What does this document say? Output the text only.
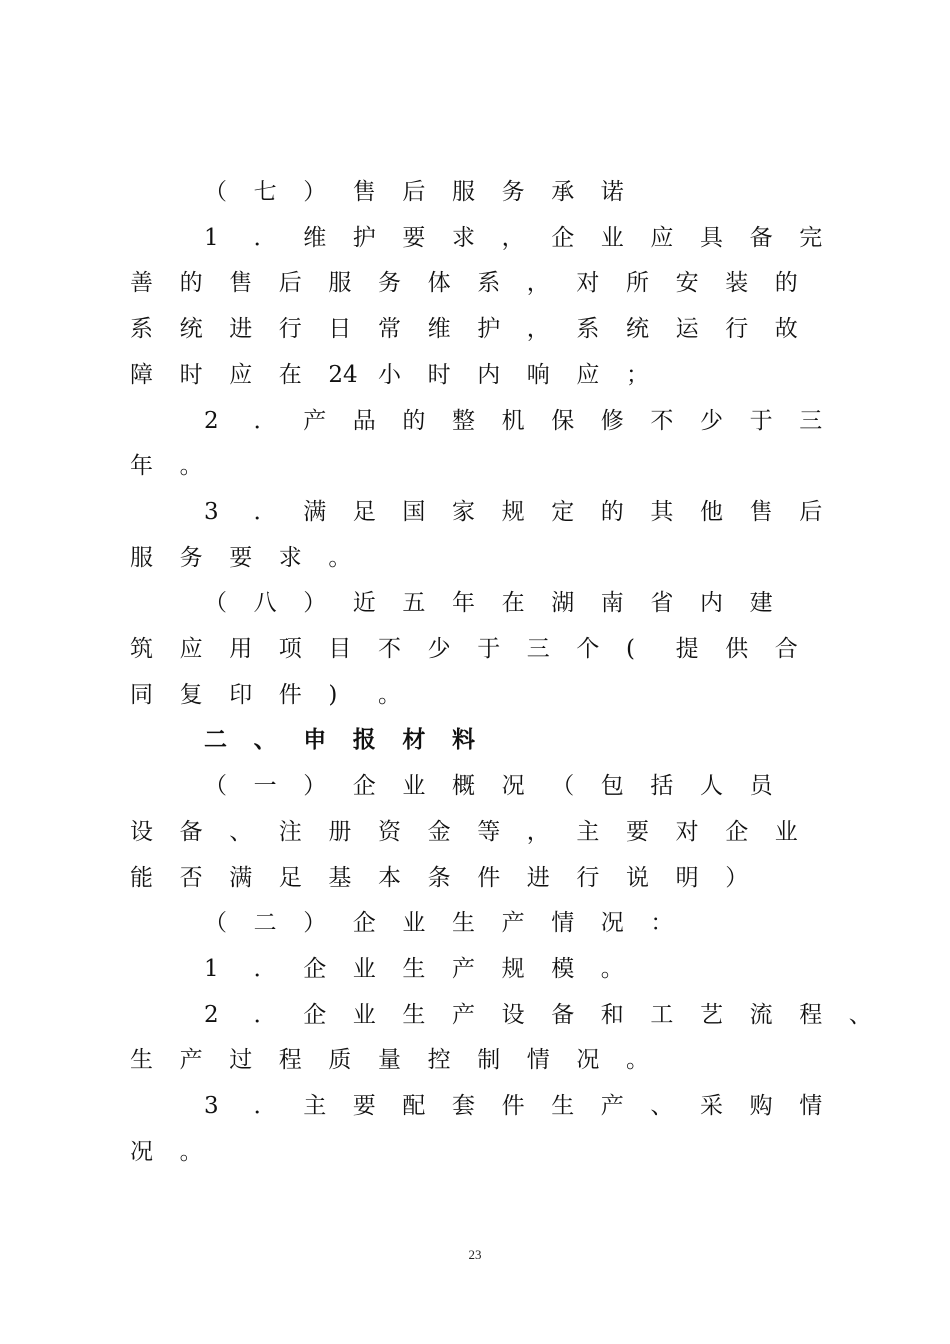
（ 七 ） 售 后 服 务 承 诺
1 ． 维 护 要 求 ， 企 业 应 具 备 完
善 的 售 后 服 务 体 系 ， 对 所 安 装 的
系 统 进 行 日 常 维 护 ， 系 统 运 行 故
障 时 应 在 24 小 时 内 响 应 ；
2 ． 产 品 的 整 机 保 修 不 少 于 三
年 。
3 ． 满 足 国 家 规 定 的 其 他 售 后
服 务 要 求 。
（ 八 ） 近 五 年 在 湖 南 省 内 建
筑 应 用 项 目 不 少 于 三 个 ( 提 供 合
同 复 印 件 ) 。
二 、 申 报 材 料
（ 一 ） 企 业 概 况 （ 包 括 人 员
设 备 、 注 册 资 金 等 ， 主 要 对 企 业
能 否 满 足 基 本 条 件 进 行 说 明 ）
（ 二 ） 企 业 生 产 情 况 ：
1 ． 企 业 生 产 规 模 。
2 ． 企 业 生 产 设 备 和 工 艺 流 程 、
生 产 过 程 质 量 控 制 情 况 。
3 ． 主 要 配 套 件 生 产 、 采 购 情
况 。
23
